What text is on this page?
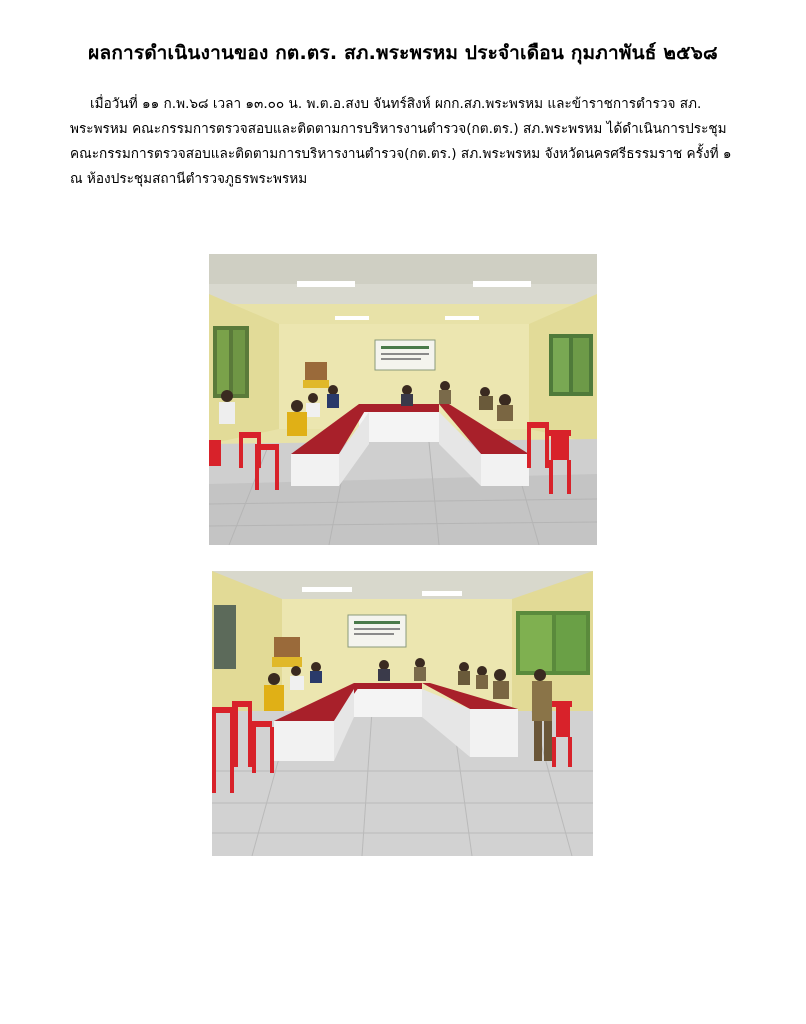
ผลการดำเนินงานของ กต.ตร. สภ.พระพรหม ประจำเดือน กุมภาพันธ์ ๒๕๖๘
เมื่อวันที่ ๑๑ ก.พ.๖๘ เวลา ๑๓.๐๐ น. พ.ต.อ.สงบ จันทร์สิงห์ ผกก.สภ.พระพรหม และข้าราชการตำรวจ สภ.
พระพรหม คณะกรรมการตรวจสอบและติดตามการบริหารงานตำรวจ(กต.ตร.) สภ.พระพรหม ได้ดำเนินการประชุม
คณะกรรมการตรวจสอบและติดตามการบริหารงานตำรวจ(กต.ตร.) สภ.พระพรหม จังหวัดนครศรีธรรมราช ครั้งที่ ๑
ณ ห้องประชุมสถานีตำรวจภูธรพระพรหม
